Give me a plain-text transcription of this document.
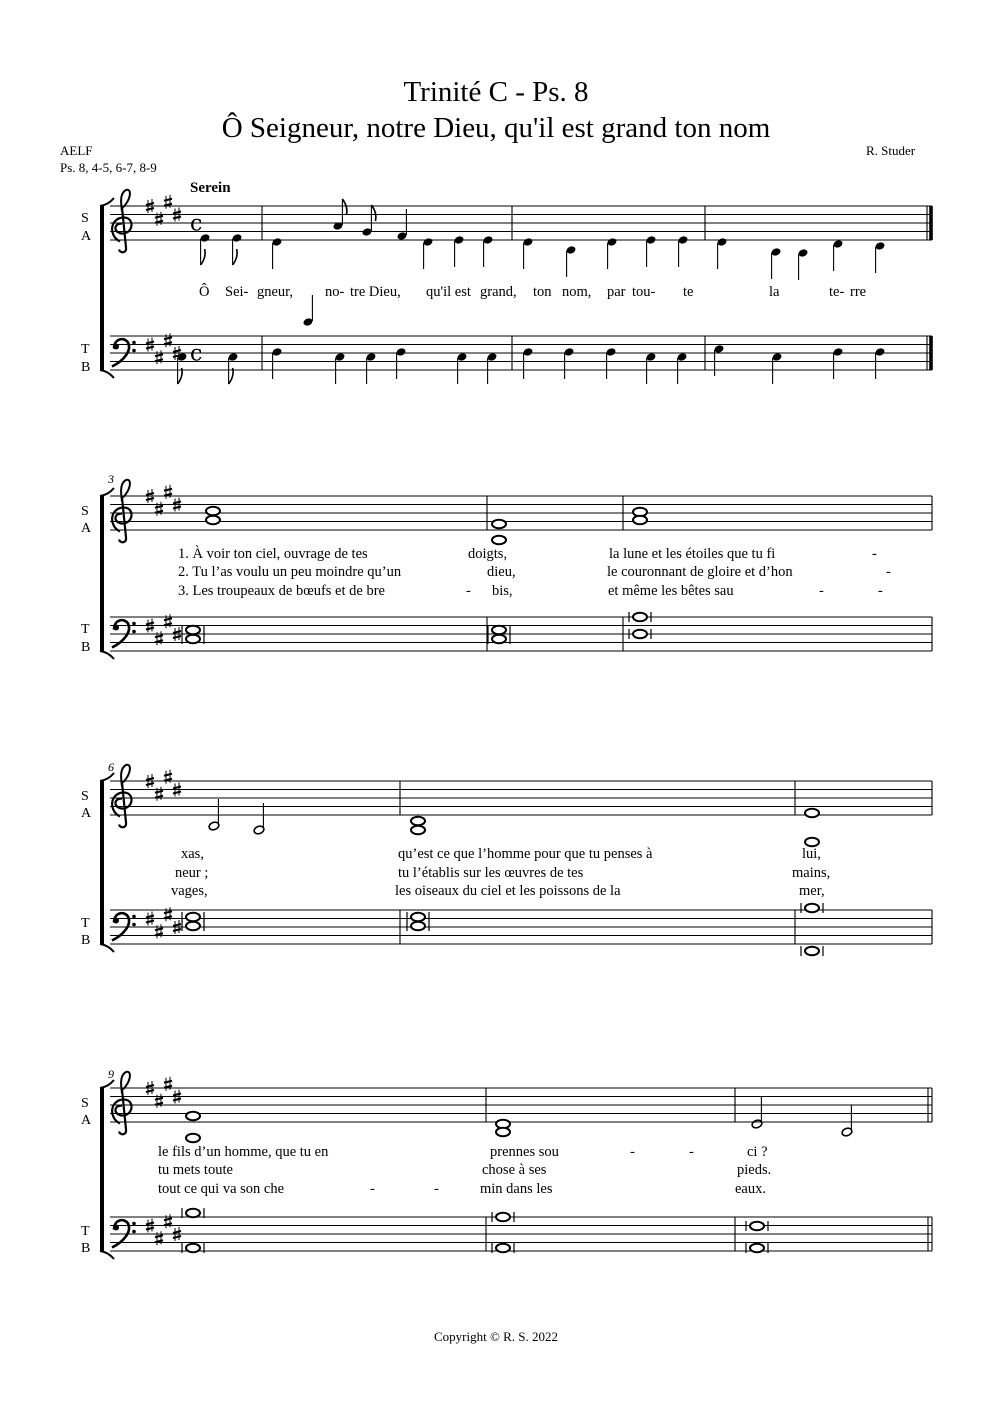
Trinité C - Ps. 8
Ô Seigneur, notre Dieu, qu'il est grand ton nom
AELF
Ps. 8, 4-5, 6-7, 8-9
R. Studer
Serein
c
c
S
A
T
B
S
A
T
B
S
A
T
B
S
A
T
B
3
6
9
Ô Sei- gneur, no- tre Dieu, qu'il est grand, ton nom, par tou- te	la	te- rre
1. À voir ton ciel, ouvrage de tes	doigts,	la lune et les étoiles que tu fi	-
2. Tu l’as voulu un peu moindre qu’un	dieu,	le couronnant de gloire et d’hon	-
3. Les troupeaux de bœufs et de bre	- bis,	et même les bêtes sau	-	-
xas,	qu’est ce que l’homme pour que tu penses à	lui,
neur ;	tu l’établis sur les œuvres de tes	mains,
vages,	les oiseaux du ciel et les poissons de la	mer,
le fils d’un homme, que tu en	prennes sou	-	-	ci ?
tu mets toute	chose à ses	pieds.
tout ce qui va son che	-	-	min dans les	eaux.
Copyright © R. S. 2022
